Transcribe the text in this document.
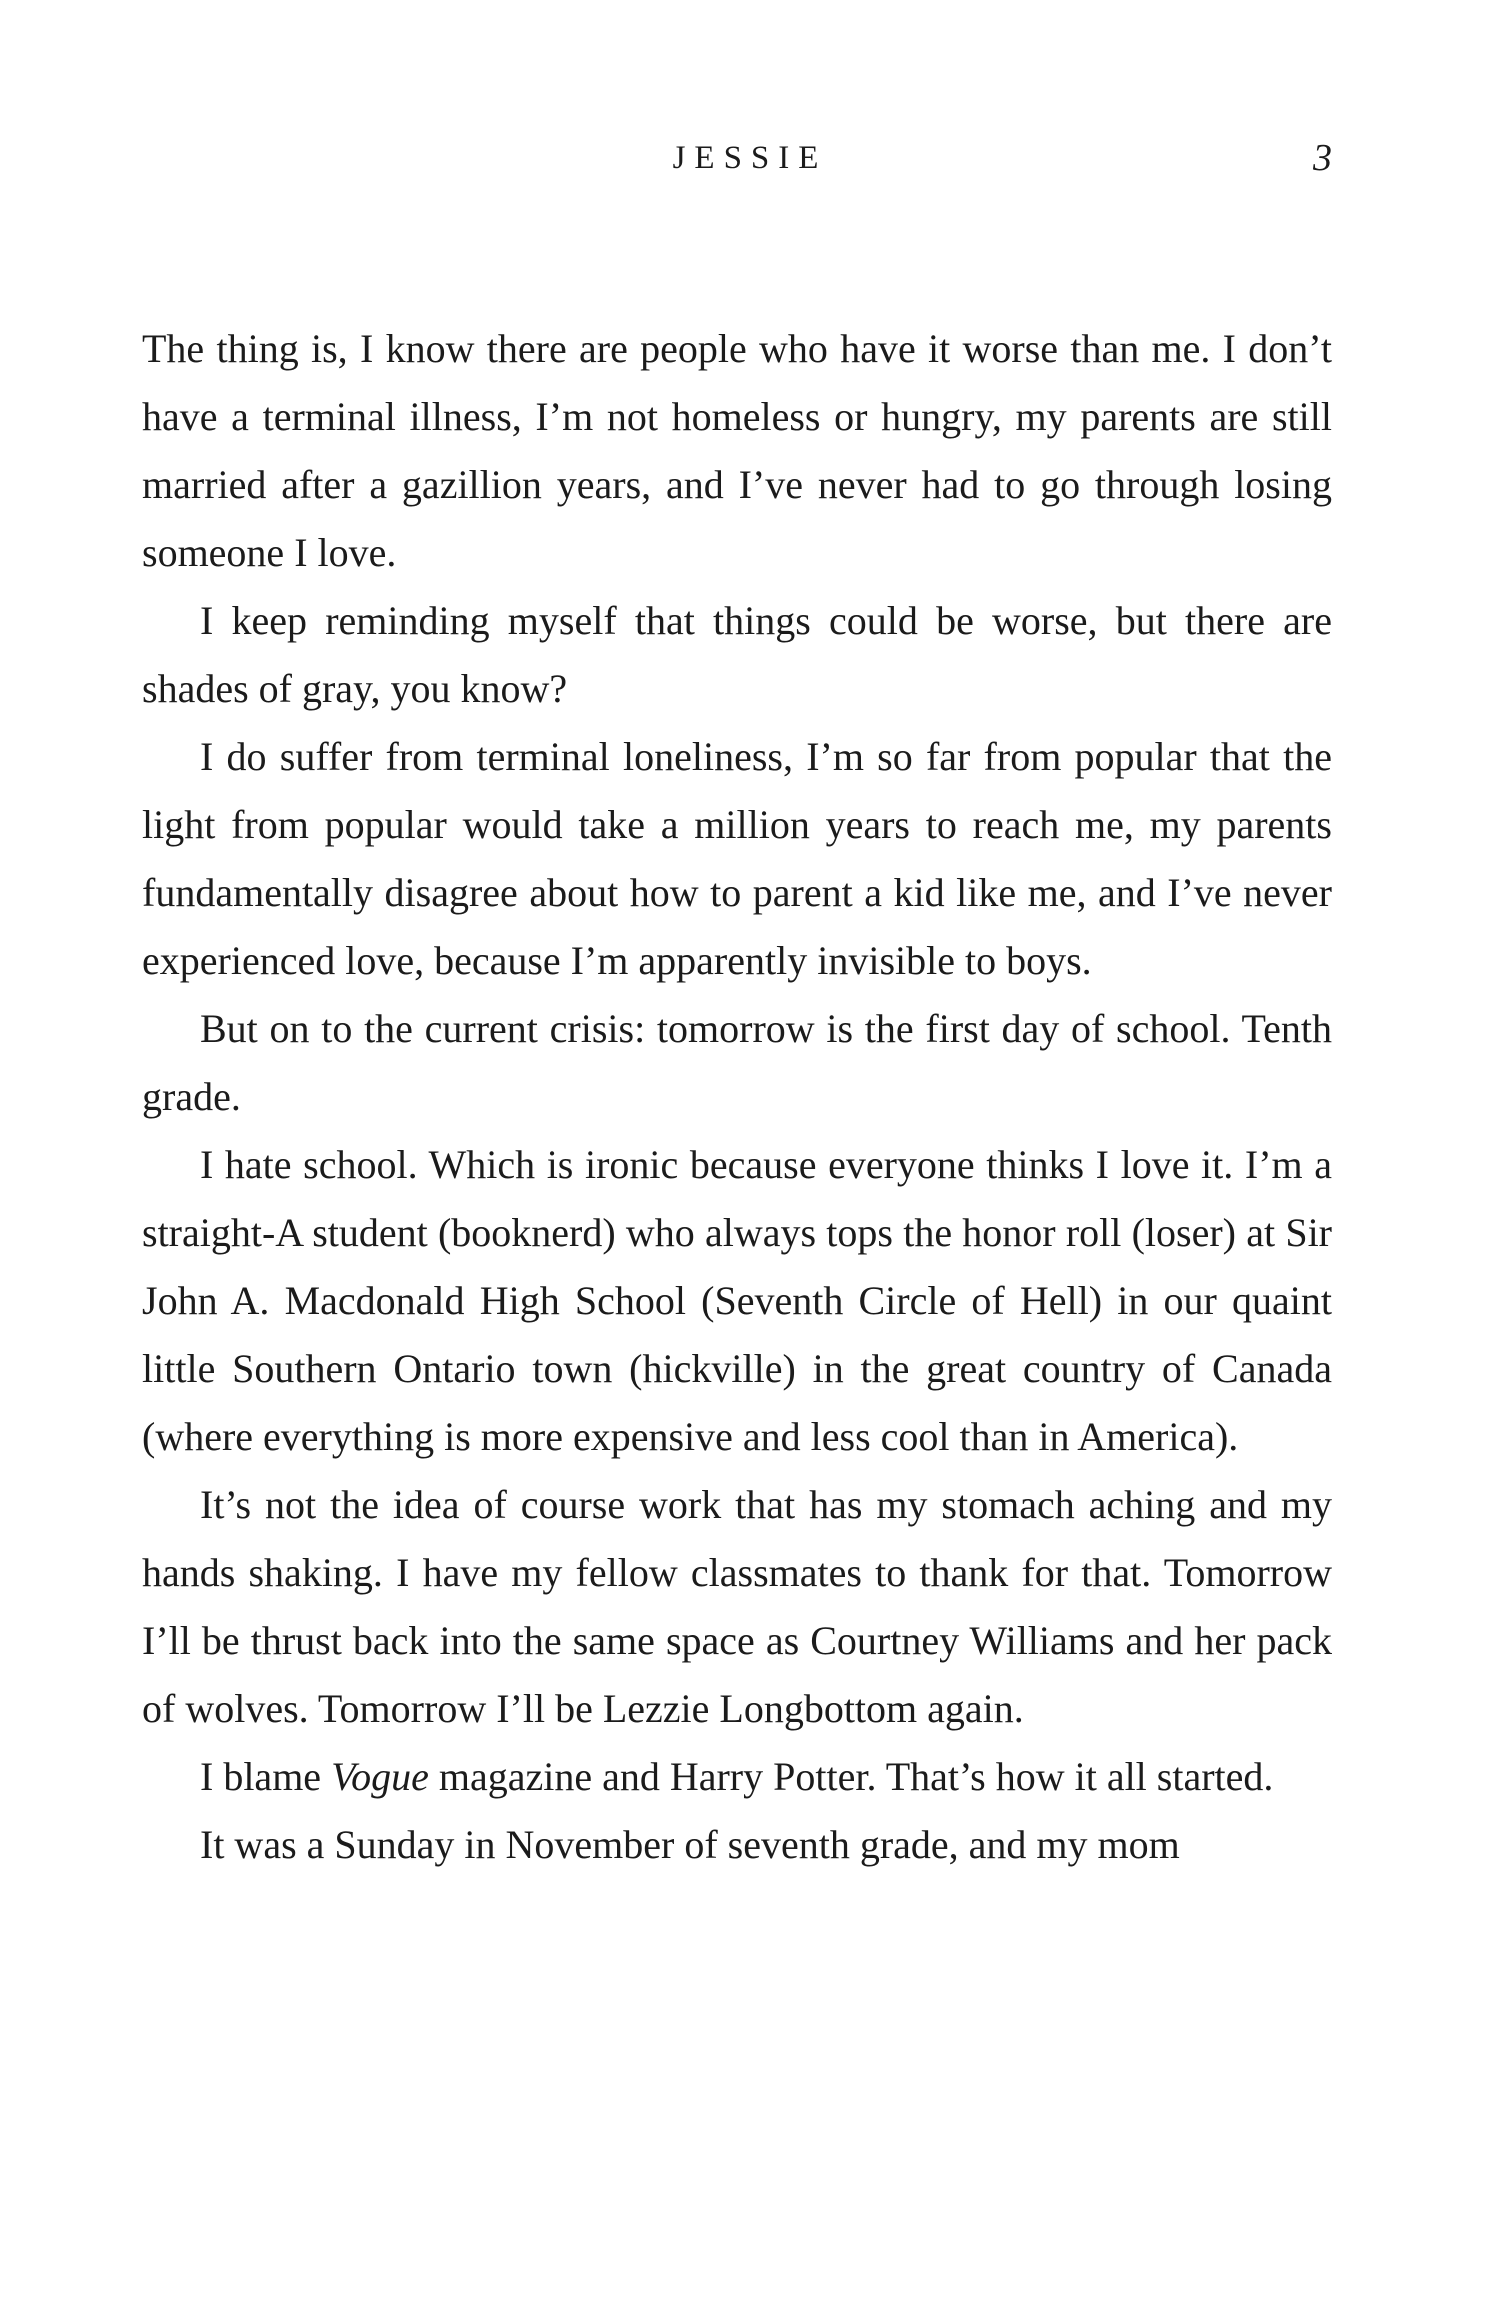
JESSIE	3

The thing is, I know there are people who have it worse than me. I don’t have a terminal illness, I’m not homeless or hungry, my parents are still married after a gazillion years, and I’ve never had to go through losing someone I love.

I keep reminding myself that things could be worse, but there are shades of gray, you know?

I do suffer from terminal loneliness, I’m so far from popular that the light from popular would take a million years to reach me, my parents fundamentally disagree about how to parent a kid like me, and I’ve never experienced love, because I’m apparently invisible to boys.

But on to the current crisis: tomorrow is the first day of school. Tenth grade.

I hate school. Which is ironic because everyone thinks I love it. I’m a straight-A student (booknerd) who always tops the honor roll (loser) at Sir John A. Macdonald High School (Seventh Circle of Hell) in our quaint little Southern Ontario town (hickville) in the great country of Canada (where everything is more expensive and less cool than in America).

It’s not the idea of course work that has my stomach aching and my hands shaking. I have my fellow classmates to thank for that. Tomorrow I’ll be thrust back into the same space as Courtney Williams and her pack of wolves. Tomorrow I’ll be Lezzie Longbottom again.

I blame Vogue magazine and Harry Potter. That’s how it all started.

It was a Sunday in November of seventh grade, and my mom
